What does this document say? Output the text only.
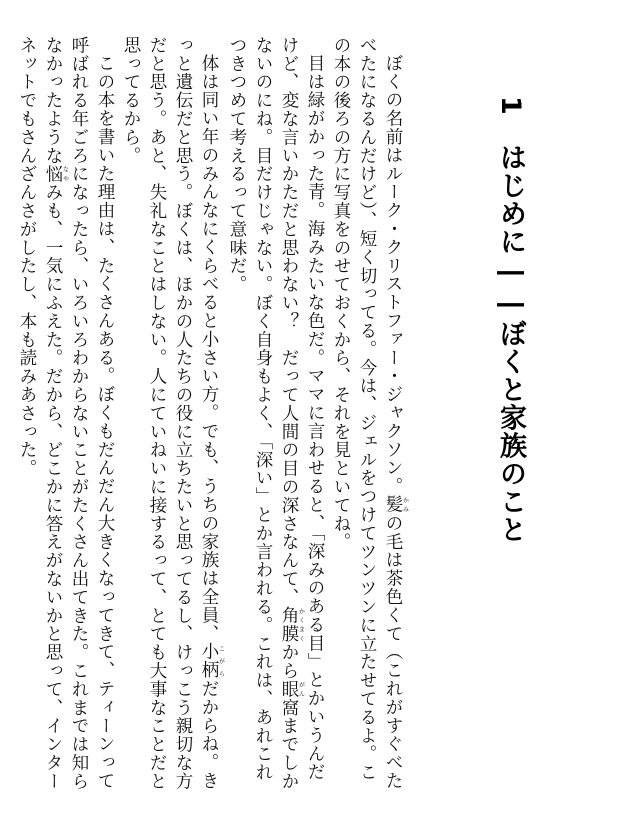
1　はじめに――ぼくと家族のこと

ぼくの名前はルーク・クリストファー・ジャクソン。髪かみの毛は茶色くて（これがすぐべたべたになるんだけど）、短く切ってる。今は、ジェルをつけてツンツンに立たせてるよ。この本の後ろの方に写真をのせておくから、それを見といてね。

目は緑がかった青。海みたいな色だ。ママに言わせると、「深みのある目」とかいうんだけど、変な言いかただと思わない？　だって人間の目の深さなんて、角膜かくまくから眼がん窩までしかないのにね。目だけじゃない。ぼく自身もよく、「深い」とか言われる。これは、あれこれつきつめて考えるって意味だ。

体は同い年のみんなにくらべると小さい方。でも、うちの家族は全員、小柄こがらだからね。きっと遺伝だと思う。ぼくは、ほかの人たちの役に立ちたいと思ってるし、けっこう親切な方だと思う。あと、失礼なことはしない。人にていねいに接するって、とても大事なことだと思ってるから。

この本を書いた理由は、たくさんある。ぼくもだんだん大きくなってきて、ティーンって呼ばれる年ごろになったら、いろいろわからないことがたくさん出てきた。これまでは知らなかったような悩なやみも、一気にふえた。だから、どこかに答えがないかと思って、インターネットでもさんざんさがしたし、本も読みあさった。
